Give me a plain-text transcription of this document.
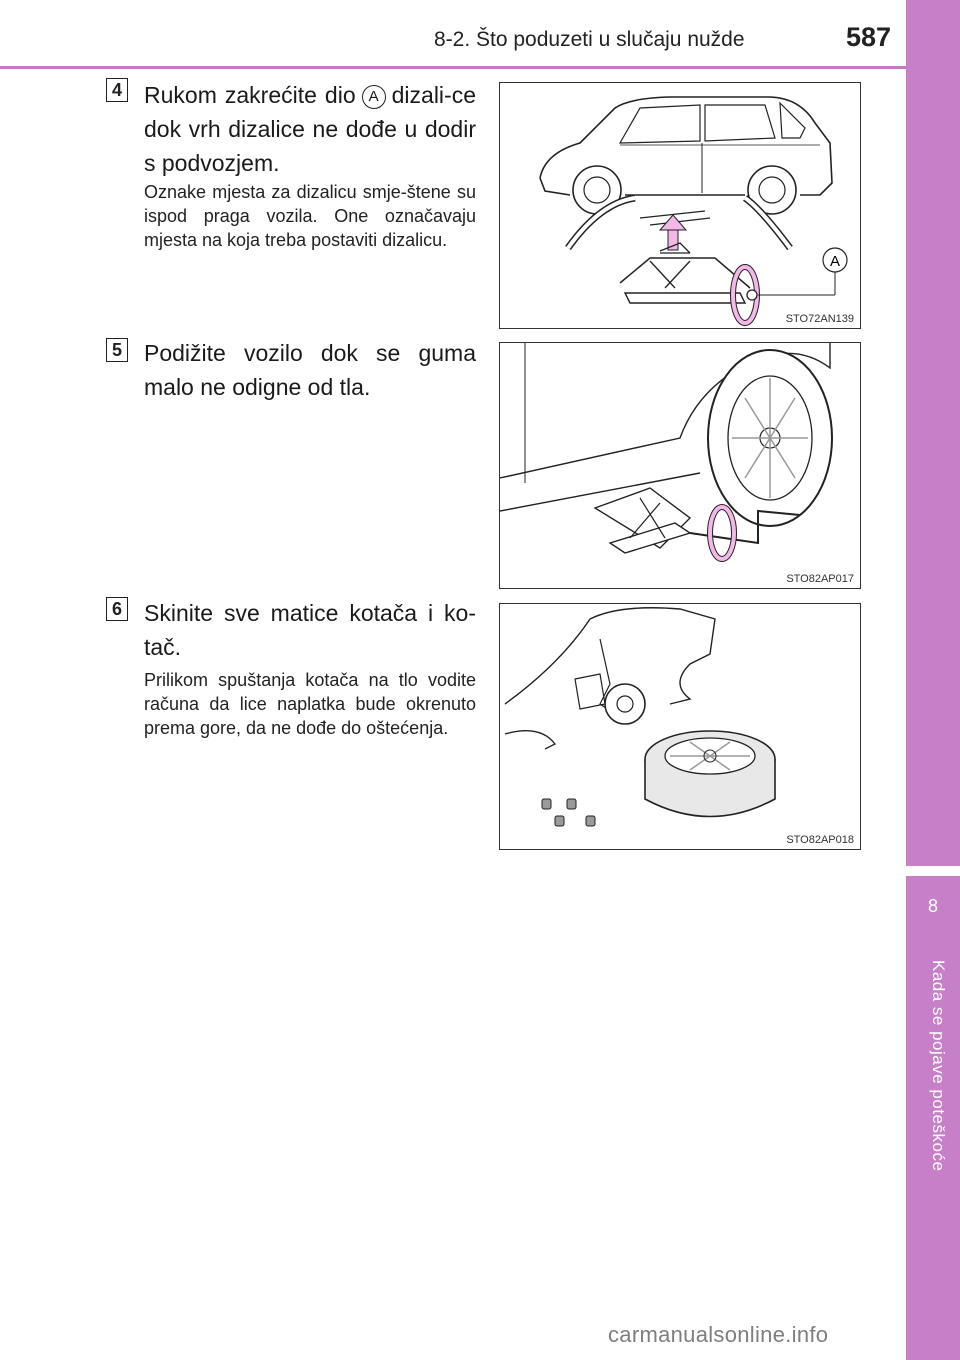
8-2. Što poduzeti u slučaju nužde	587
8
Kada se pojave poteškoće
4 Rukom zakrećite dio A dizali-ce dok vrh dizalice ne dođe u dodir s podvozjem.
Oznake mjesta za dizalicu smje-štene su ispod praga vozila. One označavaju mjesta na koja treba postaviti dizalicu.
A
STO72AN139
5 Podižite vozilo dok se guma malo ne odigne od tla.
STO82AP017
6 Skinite sve matice kotača i ko-tač.
Prilikom spuštanja kotača na tlo vodite računa da lice naplatka bude okrenuto prema gore, da ne dođe do oštećenja.
STO82AP018
carmanualsonline.info
